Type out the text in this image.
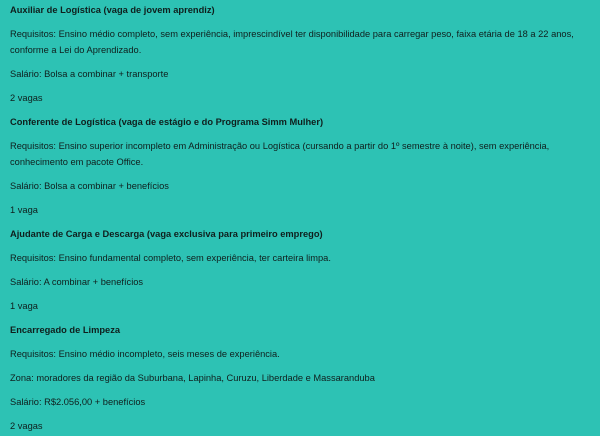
Auxiliar de Logística (vaga de jovem aprendiz)

Requisitos: Ensino médio completo, sem experiência, imprescindível ter disponibilidade para carregar peso, faixa etária de 18 a 22 anos, conforme a Lei do Aprendizado.

Salário: Bolsa a combinar + transporte

2 vagas

Conferente de Logística (vaga de estágio e do Programa Simm Mulher)

Requisitos: Ensino superior incompleto em Administração ou Logística (cursando a partir do 1º semestre à noite), sem experiência, conhecimento em pacote Office.

Salário: Bolsa a combinar + benefícios

1 vaga

Ajudante de Carga e Descarga (vaga exclusiva para primeiro emprego)

Requisitos: Ensino fundamental completo, sem experiência, ter carteira limpa.

Salário: A combinar + benefícios

1 vaga

Encarregado de Limpeza

Requisitos: Ensino médio incompleto, seis meses de experiência.

Zona: moradores da região da Suburbana, Lapinha, Curuzu, Liberdade e Massaranduba

Salário: R$2.056,00 + benefícios

2 vagas
